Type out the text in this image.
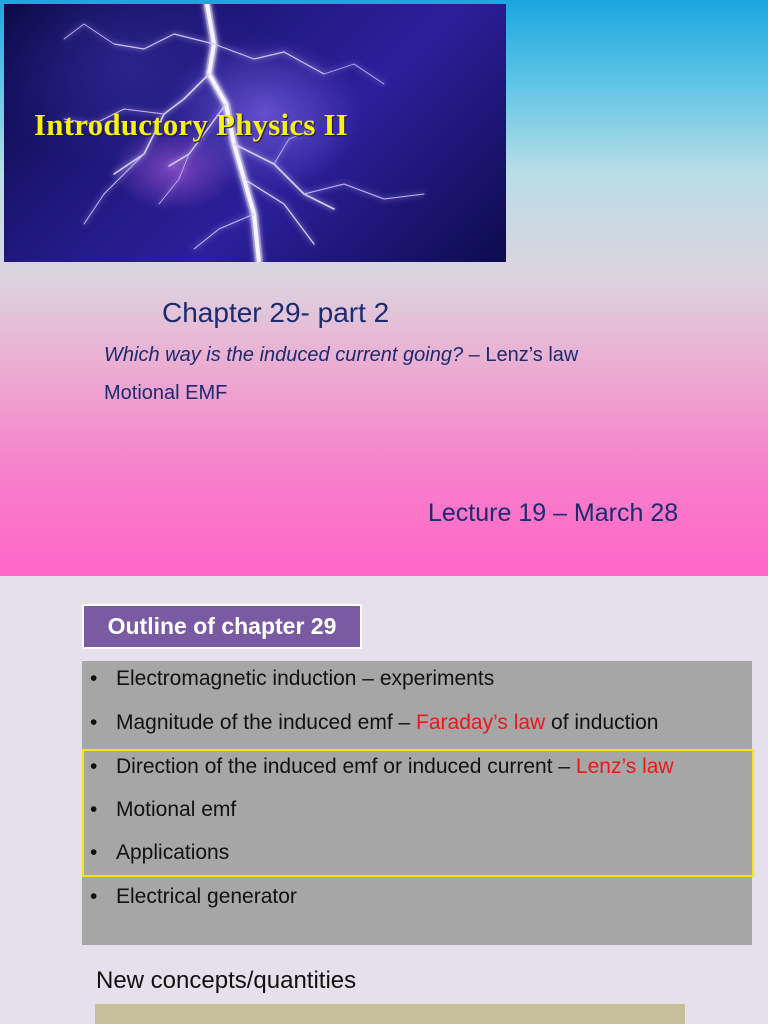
Introductory Physics II
Chapter 29- part 2
Which way is the induced current going? – Lenz’s law
Motional EMF
Lecture 19 – March 28
Outline of chapter 29
• Electromagnetic induction – experiments
• Magnitude of the induced emf – Faraday’s law of induction
• Direction of the induced emf or induced current – Lenz’s law
• Motional emf
• Applications
• Electrical generator
New concepts/quantities
